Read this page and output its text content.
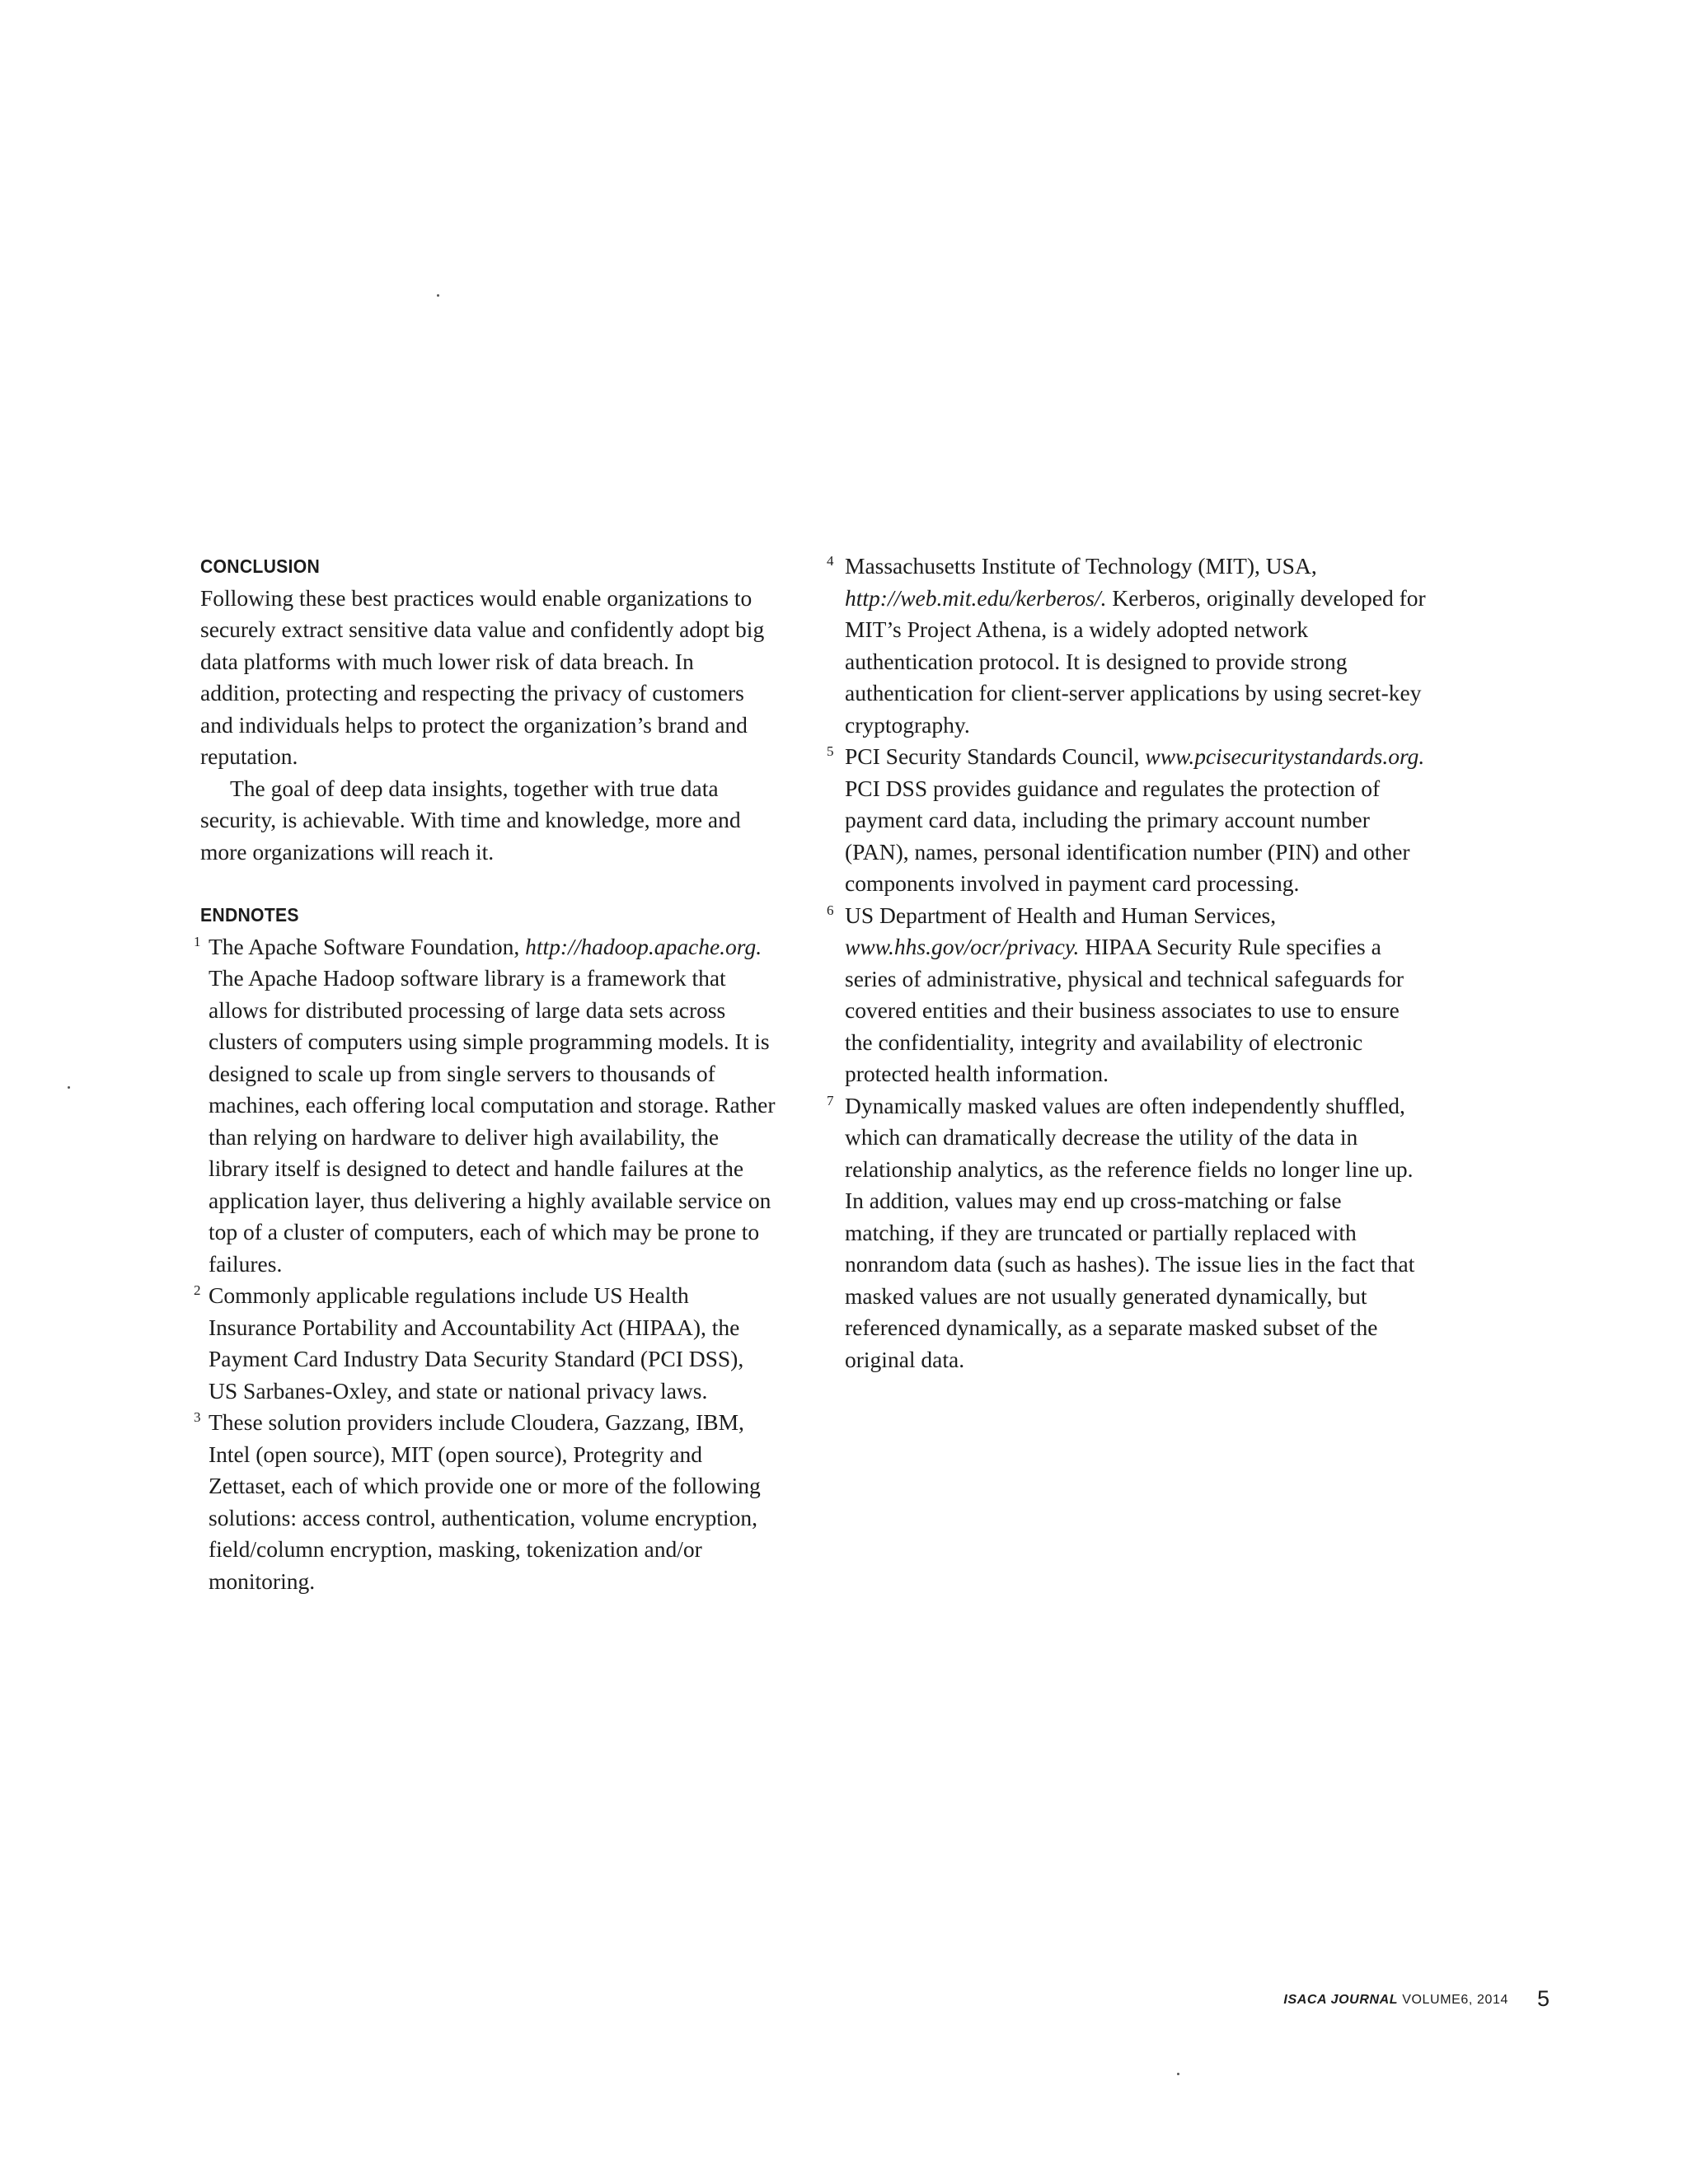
CONCLUSION

Following these best practices would enable organizations to securely extract sensitive data value and confidently adopt big data platforms with much lower risk of data breach. In addition, protecting and respecting the privacy of customers and individuals helps to protect the organization’s brand and reputation.

The goal of deep data insights, together with true data security, is achievable. With time and knowledge, more and more organizations will reach it.

ENDNOTES
1 The Apache Software Foundation, http://hadoop.apache.org. The Apache Hadoop software library is a framework that allows for distributed processing of large data sets across clusters of computers using simple programming models. It is designed to scale up from single servers to thousands of machines, each offering local computation and storage. Rather than relying on hardware to deliver high availability, the library itself is designed to detect and handle failures at the application layer, thus delivering a highly available service on top of a cluster of computers, each of which may be prone to failures.
2 Commonly applicable regulations include US Health Insurance Portability and Accountability Act (HIPAA), the Payment Card Industry Data Security Standard (PCI DSS), US Sarbanes-Oxley, and state or national privacy laws.
3 These solution providers include Cloudera, Gazzang, IBM, Intel (open source), MIT (open source), Protegrity and Zettaset, each of which provide one or more of the following solutions: access control, authentication, volume encryption, field/column encryption, masking, tokenization and/or monitoring.
4 Massachusetts Institute of Technology (MIT), USA, http://web.mit.edu/kerberos/. Kerberos, originally developed for MIT’s Project Athena, is a widely adopted network authentication protocol. It is designed to provide strong authentication for client-server applications by using secret-key cryptography.
5 PCI Security Standards Council, www.pcisecuritystandards.org. PCI DSS provides guidance and regulates the protection of payment card data, including the primary account number (PAN), names, personal identification number (PIN) and other components involved in payment card processing.
6 US Department of Health and Human Services, www.hhs.gov/ocr/privacy. HIPAA Security Rule specifies a series of administrative, physical and technical safeguards for covered entities and their business associates to use to ensure the confidentiality, integrity and availability of electronic protected health information.
7 Dynamically masked values are often independently shuffled, which can dramatically decrease the utility of the data in relationship analytics, as the reference fields no longer line up. In addition, values may end up cross-matching or false matching, if they are truncated or partially replaced with nonrandom data (such as hashes). The issue lies in the fact that masked values are not usually generated dynamically, but referenced dynamically, as a separate masked subset of the original data.
ISACA JOURNAL VOLUME6, 2014 5
